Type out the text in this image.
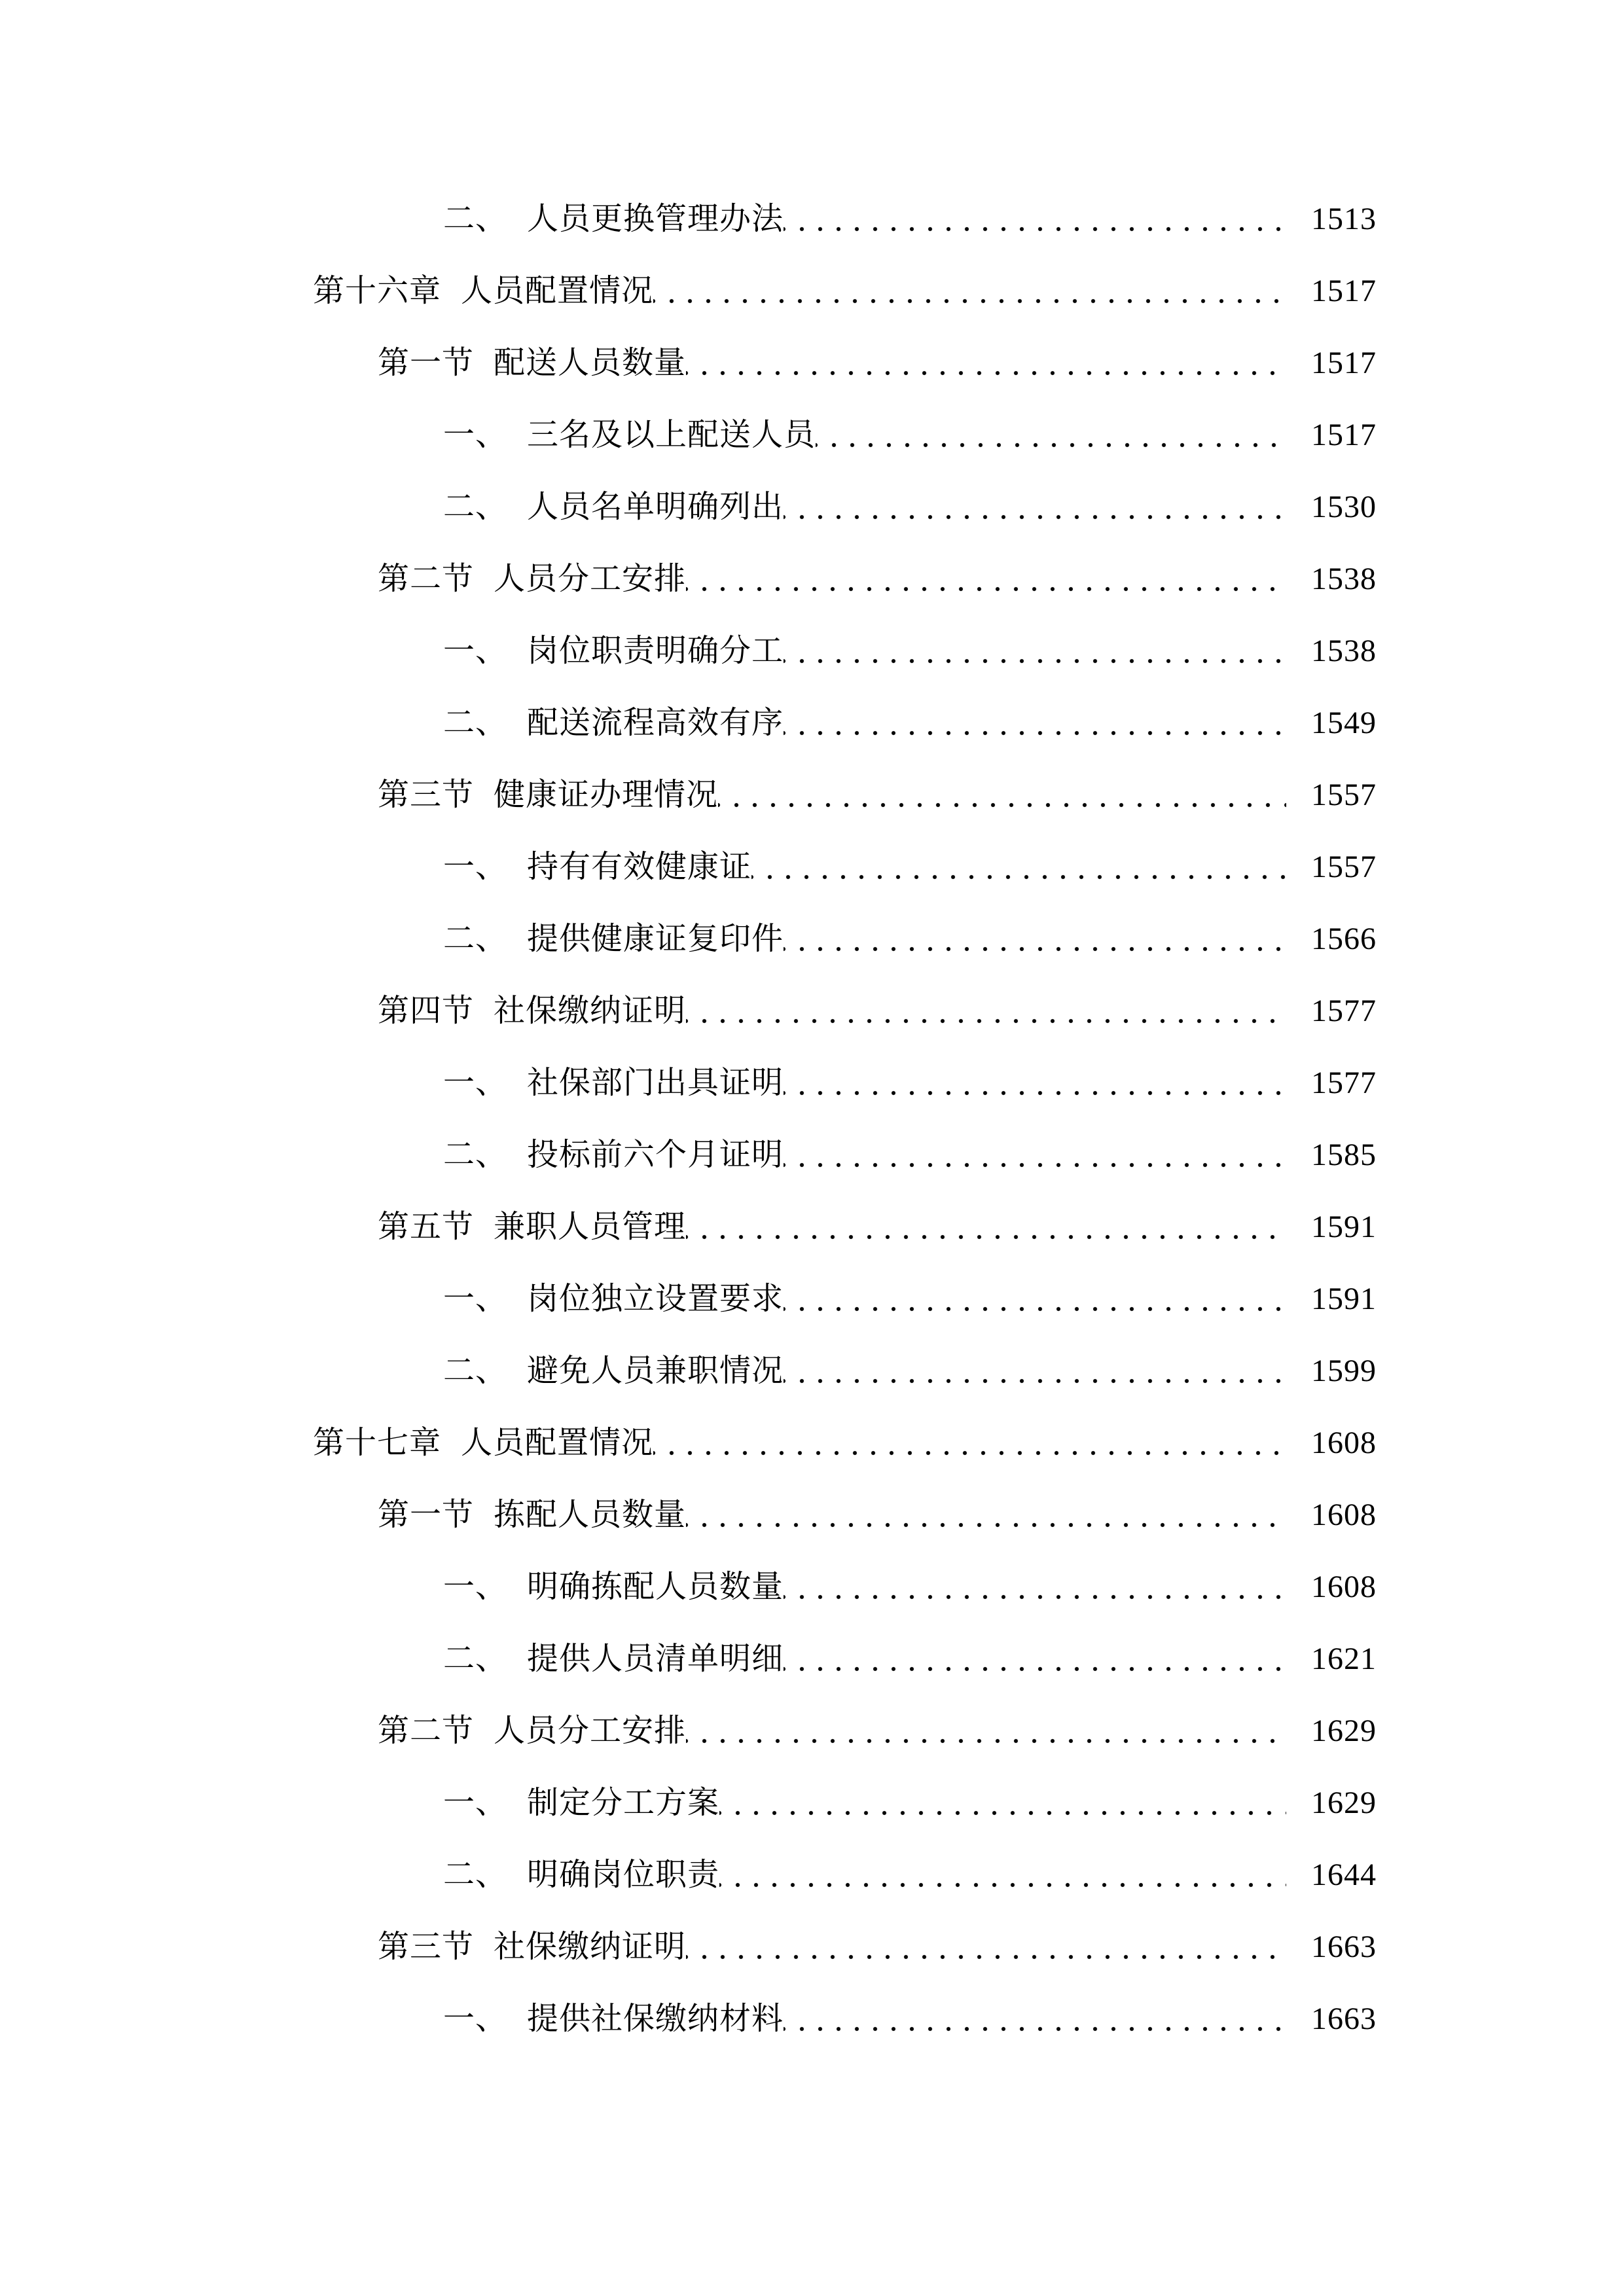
二、 人员更换管理办法	1513
第十六章 人员配置情况	1517
第一节 配送人员数量	1517
一、 三名及以上配送人员	1517
二、 人员名单明确列出	1530
第二节 人员分工安排	1538
一、 岗位职责明确分工	1538
二、 配送流程高效有序	1549
第三节 健康证办理情况	1557
一、 持有有效健康证	1557
二、 提供健康证复印件	1566
第四节 社保缴纳证明	1577
一、 社保部门出具证明	1577
二、 投标前六个月证明	1585
第五节 兼职人员管理	1591
一、 岗位独立设置要求	1591
二、 避免人员兼职情况	1599
第十七章 人员配置情况	1608
第一节 拣配人员数量	1608
一、 明确拣配人员数量	1608
二、 提供人员清单明细	1621
第二节 人员分工安排	1629
一、 制定分工方案	1629
二、 明确岗位职责	1644
第三节 社保缴纳证明	1663
一、 提供社保缴纳材料	1663
